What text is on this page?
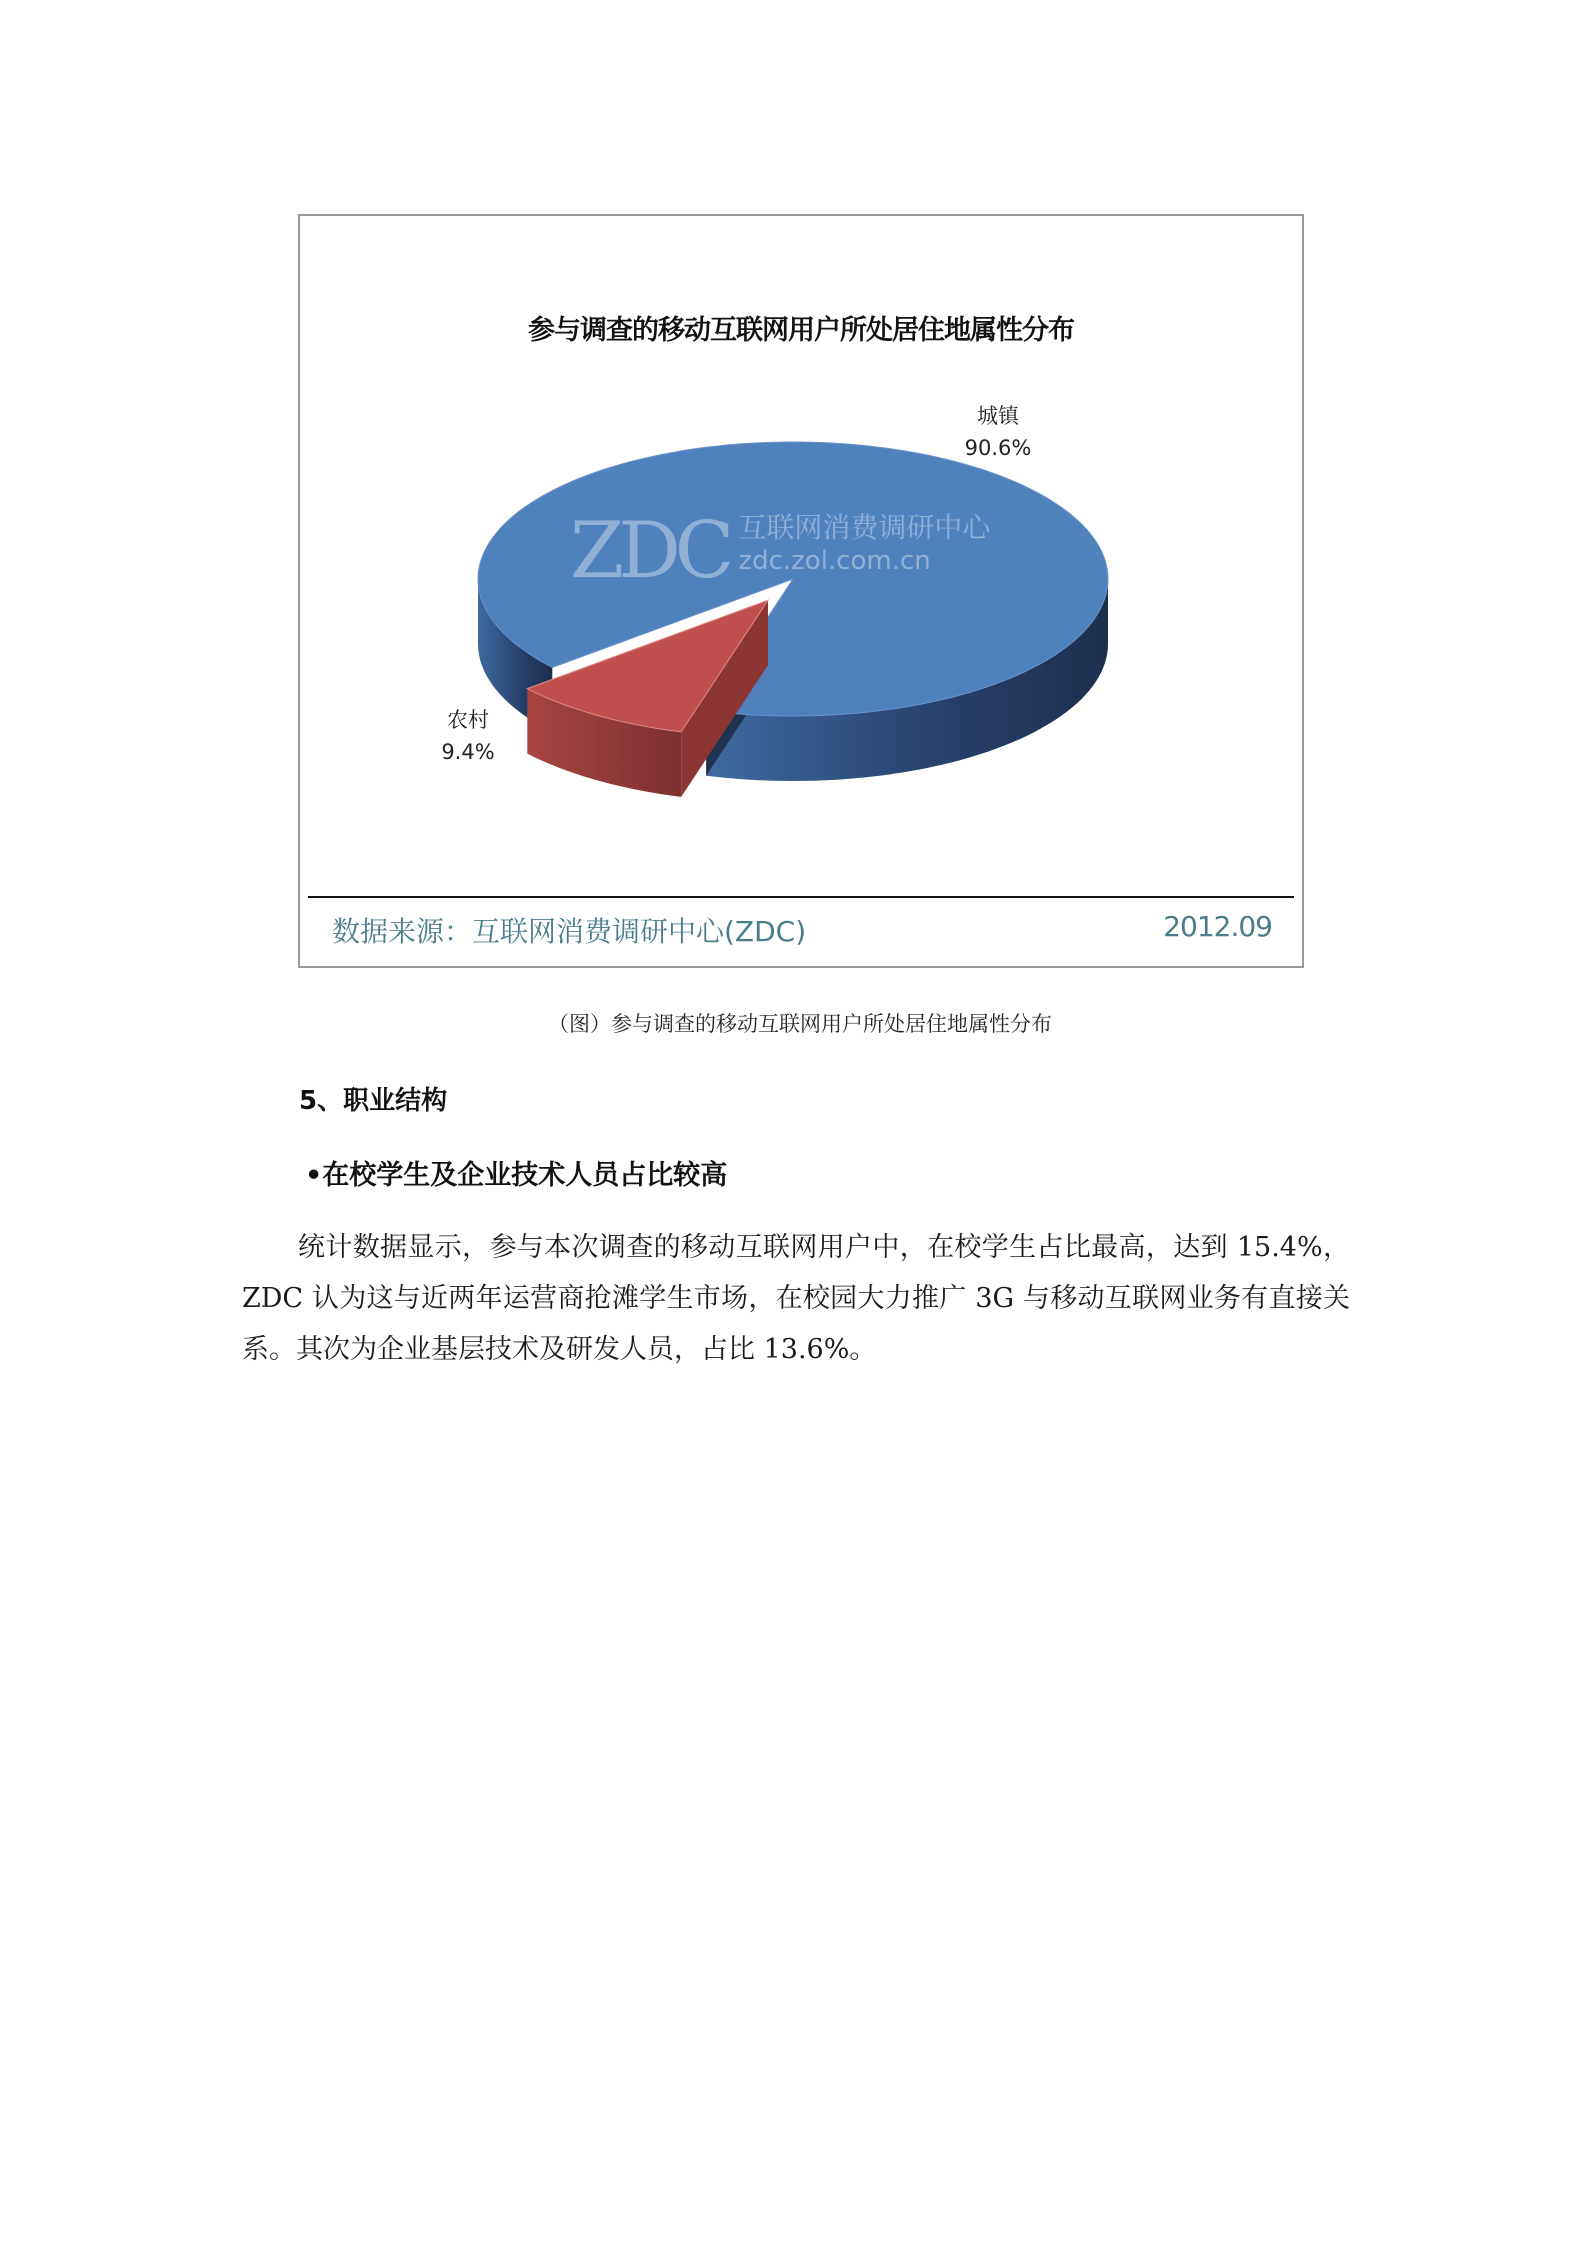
参与调查的移动互联网用户所处居住地属性分布
ZDC 互联网消费调研中心
zdc.zol.com.cn
城镇
90.6%
农村
9.4%
数据来源：互联网消费调研中心(ZDC)	2012.09
（图）参与调查的移动互联网用户所处居住地属性分布
5、职业结构
•在校学生及企业技术人员占比较高
统计数据显示，参与本次调查的移动互联网用户中，在校学生占比最高，达到 15.4%，ZDC 认为这与近两年运营商抢滩学生市场，在校园大力推广 3G 与移动互联网业务有直接关系。其次为企业基层技术及研发人员，占比 13.6%。
